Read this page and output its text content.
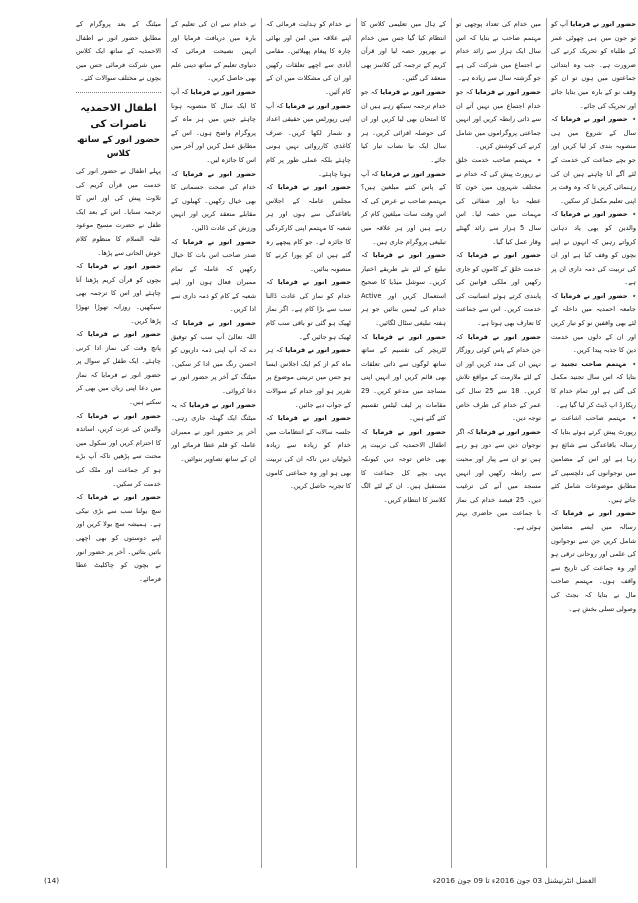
حضور انور نے فرمایا آپ کو تو جون میں ہی چھوٹی عمر کے طلباء کو تحریک کرنے کی ضرورت ہے۔ جب وہ ابتدائی جماعتوں میں ہوں تو ان کو وقف نو کے بارہ میں بتایا جائے اور تحریک کی جائے۔

٭ حضور انور نے فرمایا کہ سال کے شروع میں ہی منصوبہ بندی کر لیا کریں اور جو بچے جماعت کی خدمت کے لئے آگے آنا چاہتے ہیں ان کی رہنمائی کریں تا کہ وہ وقت پر اپنی تعلیم مکمل کر سکیں۔

٭ حضور انور نے فرمایا کہ والدین کو بھی یاد دہانی کرواتے رہیں کہ انہوں نے اپنے بچوں کو وقف کیا ہے اور ان کی تربیت کی ذمہ داری ان پر ہے۔

٭ حضور انور نے فرمایا کہ جامعہ احمدیہ میں داخلہ کے لئے بھی واقفین نو کو تیار کریں اور ان کے دلوں میں خدمت دین کا جذبہ پیدا کریں۔

٭ مہتمم صاحب تجنید نے بتایا کہ اس سال تجنید مکمل کی گئی ہے اور تمام خدام کا ریکارڈ اپ ڈیٹ کر لیا گیا ہے۔

٭ مہتمم صاحب اشاعت نے رپورٹ پیش کرتے ہوئے بتایا کہ رسالہ باقاعدگی سے شائع ہو رہا ہے اور اس کے مضامین میں نوجوانوں کی دلچسپی کے مطابق موضوعات شامل کئے جاتے ہیں۔

حضور انور نے فرمایا کہ رسالہ میں ایسے مضامین شامل کریں جن سے نوجوانوں کی علمی اور روحانی ترقی ہو اور وہ جماعت کی تاریخ سے واقف ہوں۔ مہتمم صاحب مال نے بتایا کہ بجٹ کی وصولی تسلی بخش ہے۔

میں خدام کی تعداد پوچھی تو مہتمم صاحب نے بتایا کہ اس سال ایک ہزار سے زائد خدام نے اجتماع میں شرکت کی ہے جو گزشتہ سال سے زیادہ ہے۔

حضور انور نے فرمایا کہ جو خدام اجتماع میں نہیں آتے ان سے ذاتی رابطہ کریں اور انہیں جماعتی پروگراموں میں شامل کرنے کی کوشش کریں۔

٭ مہتمم صاحب خدمت خلق نے رپورٹ پیش کی کہ خدام نے مختلف شہروں میں خون کا عطیہ دیا اور صفائی کی مہمات میں حصہ لیا۔ اس سال 5 ہزار سے زائد گھنٹے وقار عمل کیا گیا۔

حضور انور نے فرمایا کہ خدمت خلق کے کاموں کو جاری رکھیں اور ملکی قوانین کی پابندی کرتے ہوئے انسانیت کی خدمت کریں۔ اس سے جماعت کا تعارف بھی ہوتا ہے۔

حضور انور نے فرمایا کہ جن خدام کے پاس کوئی روزگار نہیں ان کی مدد کریں اور ان کے لئے ملازمت کے مواقع تلاش کریں۔ 18 سے 25 سال کی عمر کے خدام کی طرف خاص توجہ دیں۔

حضور انور نے فرمایا کہ اگر نوجوان دین سے دور ہو رہے ہیں تو ان سے پیار اور محبت سے رابطہ رکھیں اور انہیں مسجد میں آنے کی ترغیب دیں۔ 25 فیصد خدام کی نماز با جماعت میں حاضری بہتر ہوئی ہے۔

کے ہال میں تعلیمی کلاس کا انتظام کیا گیا جس میں خدام نے بھرپور حصہ لیا اور قرآن کریم کے ترجمہ کی کلاسز بھی منعقد کی گئیں۔

حضور انور نے فرمایا کہ جو خدام ترجمہ سیکھ رہے ہیں ان کا امتحان بھی لیا کریں اور ان کی حوصلہ افزائی کریں۔ ہر سال ایک نیا نصاب تیار کیا جائے۔

حضور انور نے فرمایا کہ آپ کے پاس کتنے مبلغین ہیں؟ مہتمم صاحب نے عرض کی کہ اس وقت سات مبلغین کام کر رہے ہیں اور ہر علاقہ میں تبلیغی پروگرام جاری ہیں۔

حضور انور نے فرمایا کہ تبلیغ کے لئے نئے طریقے اختیار کریں۔ سوشل میڈیا کا صحیح استعمال کریں اور Active خدام کی ٹیمیں بنائیں جو ہر ہفتہ تبلیغی سٹال لگائیں۔

حضور انور نے فرمایا کہ لٹریچر کی تقسیم کے ساتھ ساتھ لوگوں سے ذاتی تعلقات بھی قائم کریں اور انہیں اپنی مساجد میں مدعو کریں۔ 29 مقامات پر لیف لیٹس تقسیم کئے گئے ہیں۔

حضور انور نے فرمایا کہ اطفال الاحمدیہ کی تربیت پر بھی خاص توجہ دیں کیونکہ یہی بچے کل جماعت کا مستقبل ہیں۔ ان کے لئے الگ کلاسز کا انتظام کریں۔

نے خدام کو ہدایت فرمائی کہ اپنے علاقہ میں امن اور بھائی چارہ کا پیغام پھیلائیں۔ مقامی آبادی سے اچھے تعلقات رکھیں اور ان کی مشکلات میں ان کے کام آئیں۔

حضور انور نے فرمایا کہ آپ اپنی رپورٹس میں حقیقی اعداد و شمار لکھا کریں۔ صرف کاغذی کارروائی نہیں ہونی چاہئے بلکہ عملی طور پر کام ہونا چاہئے۔

حضور انور نے فرمایا کہ مجلس عاملہ کے اجلاس باقاعدگی سے ہوں اور ہر شعبہ کا مہتمم اپنی کارکردگی کا جائزہ لے۔ جو کام پیچھے رہ گئے ہیں ان کو پورا کرنے کا منصوبہ بنائیں۔

حضور انور نے فرمایا کہ خدام کو نماز کی عادت ڈالنا سب سے بڑا کام ہے۔ اگر نماز ٹھیک ہو گئی تو باقی سب کام ٹھیک ہو جائیں گے۔

حضور انور نے فرمایا کہ ہر ماہ کم از کم ایک اجلاس ایسا ہو جس میں تربیتی موضوع پر تقریر ہو اور خدام کے سوالات کے جواب دیے جائیں۔

حضور انور نے فرمایا کہ جلسہ سالانہ کے انتظامات میں خدام کو زیادہ سے زیادہ ڈیوٹیاں دیں تاکہ ان کی تربیت بھی ہو اور وہ جماعتی کاموں کا تجربہ حاصل کریں۔

نے خدام سے ان کی تعلیم کے بارہ میں دریافت فرمایا اور انہیں نصیحت فرمائی کہ دنیاوی تعلیم کے ساتھ دینی علم بھی حاصل کریں۔

حضور انور نے فرمایا کہ آپ کا ایک سال کا منصوبہ ہونا چاہئے جس میں ہر ماہ کے پروگرام واضح ہوں۔ اس کے مطابق عمل کریں اور آخر میں اس کا جائزہ لیں۔

حضور انور نے فرمایا کہ خدام کی صحت جسمانی کا بھی خیال رکھیں۔ کھیلوں کے مقابلے منعقد کریں اور انہیں ورزش کی عادت ڈالیں۔

حضور انور نے فرمایا کہ صدر صاحب اس بات کا خیال رکھیں کہ عاملہ کے تمام ممبران فعال ہوں اور اپنے شعبہ کے کام کو ذمہ داری سے ادا کریں۔

حضور انور نے فرمایا کہ اللہ تعالیٰ آپ سب کو توفیق دے کہ آپ اپنی ذمہ داریوں کو احسن رنگ میں ادا کر سکیں۔ میٹنگ کے آخر پر حضور انور نے دعا کروائی۔

حضور انور نے فرمایا کہ یہ میٹنگ ایک گھنٹہ جاری رہی۔ آخر پر حضور انور نے ممبران عاملہ کو قلم عطا فرمائے اور ان کے ساتھ تصاویر بنوائیں۔

میٹنگ کے بعد پروگرام کے مطابق حضور انور نے اطفال الاحمدیہ کے ساتھ ایک کلاس میں شرکت فرمائی جس میں بچوں نے مختلف سوالات کئے۔

اطفال الاحمدیہ ناصرات کی
حضور انور کے ساتھ کلاس

پہلے اطفال نے حضور انور کی خدمت میں قرآن کریم کی تلاوت پیش کی اور اس کا ترجمہ سنایا۔ اس کے بعد ایک طفل نے حضرت مسیح موعود علیہ السلام کا منظوم کلام خوش الحانی سے پڑھا۔

حضور انور نے فرمایا کہ بچوں کو قرآن کریم پڑھنا آنا چاہئے اور اس کا ترجمہ بھی سیکھیں۔ روزانہ تھوڑا تھوڑا پڑھا کریں۔

حضور انور نے فرمایا کہ پانچ وقت کی نماز ادا کرنی چاہئے۔ ایک طفل کے سوال پر حضور انور نے فرمایا کہ نماز میں دعا اپنی زبان میں بھی کر سکتے ہیں۔

حضور انور نے فرمایا کہ والدین کی عزت کریں، اساتذہ کا احترام کریں اور سکول میں محنت سے پڑھیں تاکہ آپ بڑے ہو کر جماعت اور ملک کی خدمت کر سکیں۔

حضور انور نے فرمایا کہ سچ بولنا سب سے بڑی نیکی ہے۔ ہمیشہ سچ بولا کریں اور اپنے دوستوں کو بھی اچھی باتیں بتائیں۔ آخر پر حضور انور نے بچوں کو چاکلیٹ عطا فرمائے۔

(14)	الفضل انٹرنیشنل 03 جون 2016ء تا 09 جون 2016ء
